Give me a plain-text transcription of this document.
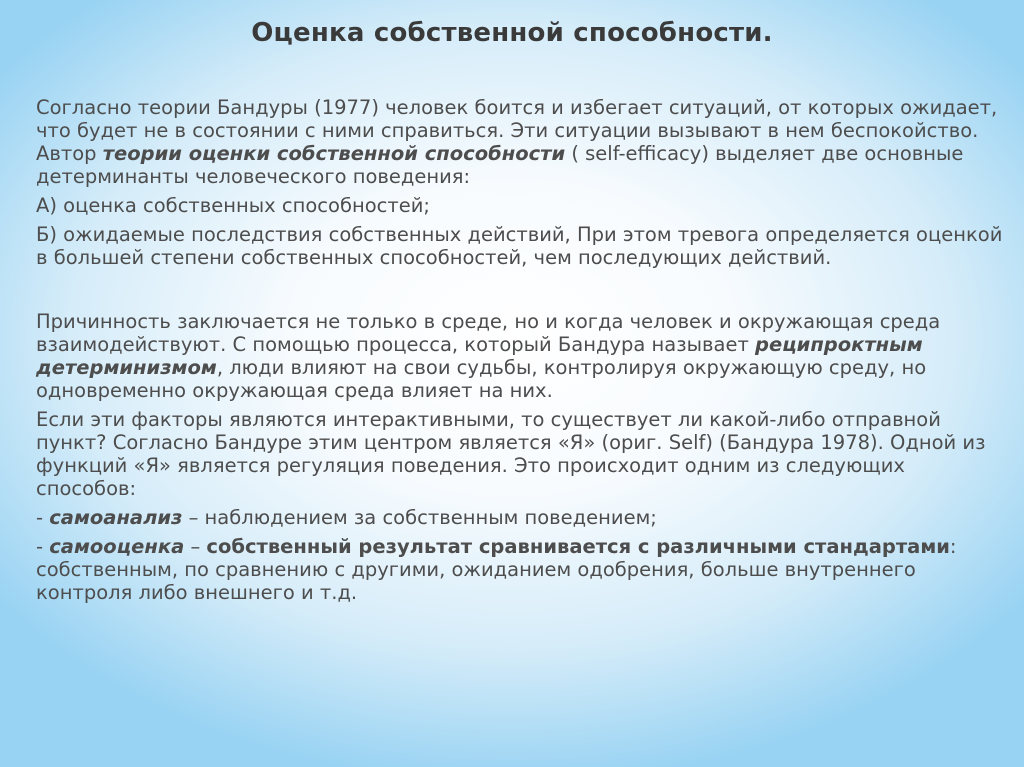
Оценка собственной способности.

Согласно теории Бандуры (1977) человек боится и избегает ситуаций, от которых ожидает, что будет не в состоянии с ними справиться. Эти ситуации вызывают в нем беспокойство. Автор теории оценки собственной способности ( self-efficacy) выделяет две основные детерминанты человеческого поведения:

А) оценка собственных способностей;

Б) ожидаемые последствия собственных действий, При этом тревога определяется оценкой в большей степени собственных способностей, чем последующих действий.

Причинность заключается не только в среде, но и когда человек и окружающая среда взаимодействуют. С помощью процесса, который Бандура называет реципроктным детерминизмом, люди влияют на свои судьбы, контролируя окружающую среду, но одновременно окружающая среда влияет на них.

Если эти факторы являются интерактивными, то существует ли какой-либо отправной пункт? Согласно Бандуре этим центром является «Я» (ориг. Self) (Бандура 1978). Одной из функций «Я» является регуляция поведения. Это происходит одним из следующих способов:

- самоанализ – наблюдением за собственным поведением;

- самооценка – собственный результат сравнивается с различными стандартами: собственным, по сравнению с другими, ожиданием одобрения, больше внутреннего контроля либо внешнего и т.д.
